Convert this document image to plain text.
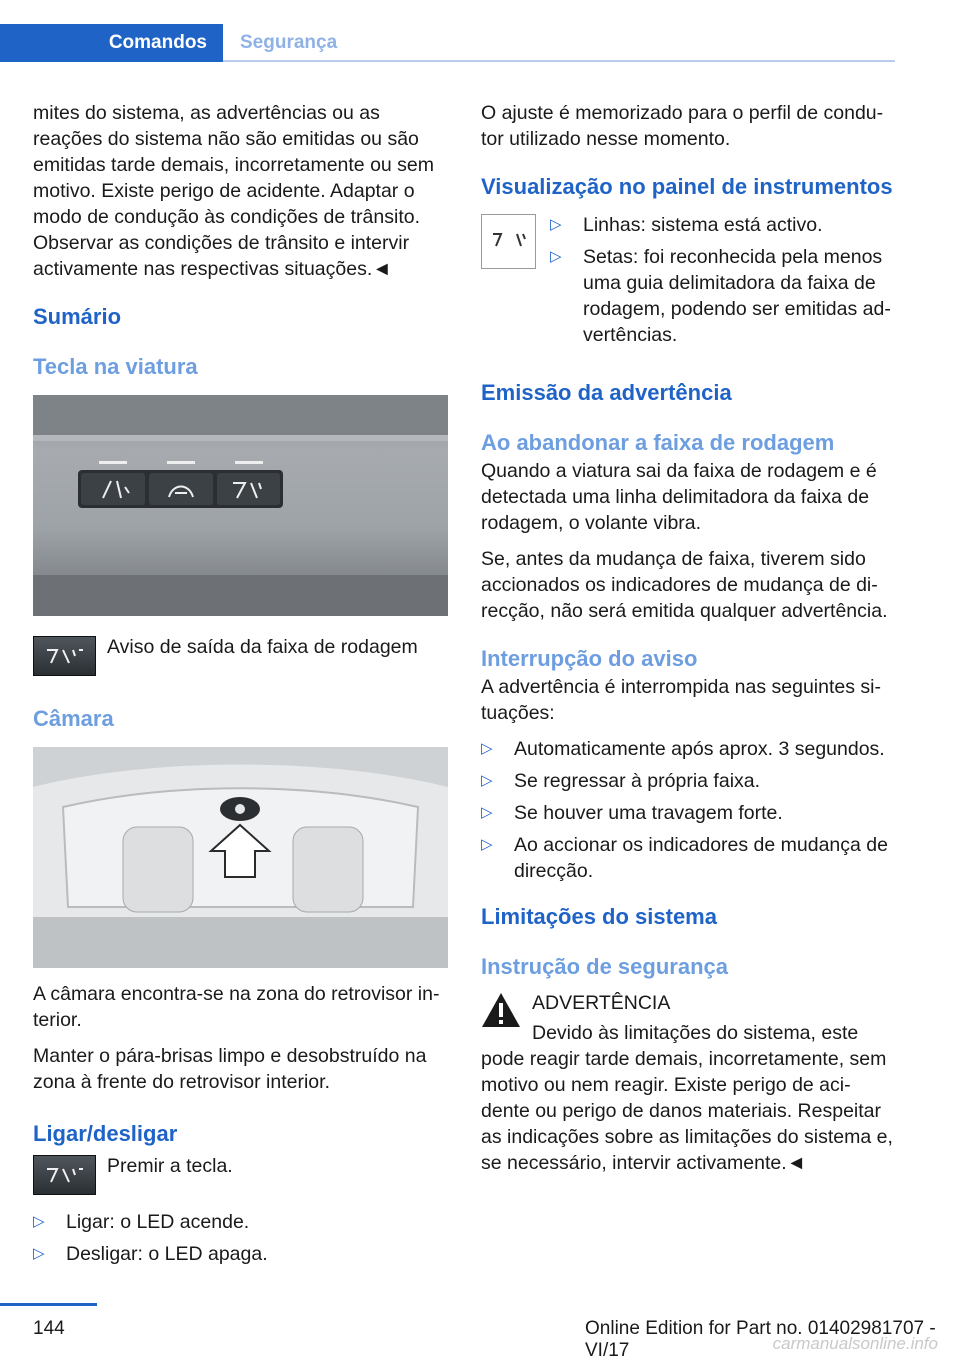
Comandos	Segurança

mites do sistema, as advertências ou as reações do sistema não são emitidas ou são emitidas tarde demais, incorretamente ou sem motivo. Existe perigo de acidente. Adaptar o modo de condução às condições de trânsito. Observar as condições de trânsito e intervir activamente nas respectivas situações.◄

Sumário
Tecla na viatura
Aviso de saída da faixa de rodagem
Câmara

A câmara encontra-se na zona do retrovisor in- terior.

Manter o pára-brisas limpo e desobstruído na zona à frente do retrovisor interior.

Ligar/desligar
Premir a tecla.
▷ Ligar: o LED acende.
▷ Desligar: o LED apaga.

O ajuste é memorizado para o perfil de condu- tor utilizado nesse momento.

Visualização no painel de instrumentos
▷ Linhas: sistema está activo.
▷ Setas: foi reconhecida pela menos uma guia delimitadora da faixa de rodagem, podendo ser emitidas ad- vertências.
Emissão da advertência
Ao abandonar a faixa de rodagem

Quando a viatura sai da faixa de rodagem e é detectada uma linha delimitadora da faixa de rodagem, o volante vibra.

Se, antes da mudança de faixa, tiverem sido accionados os indicadores de mudança de di- recção, não será emitida qualquer advertência.

Interrupção do aviso

A advertência é interrompida nas seguintes si- tuações:

▷ Automaticamente após aprox. 3 segundos.
▷ Se regressar à própria faixa.
▷ Se houver uma travagem forte.
▷ Ao accionar os indicadores de mudança de direcção.
Limitações do sistema
Instrução de segurança
ADVERTÊNCIA
Devido às limitações do sistema, este pode reagir tarde demais, incorretamente, sem motivo ou nem reagir. Existe perigo de aci- dente ou perigo de danos materiais. Respeitar as indicações sobre as limitações do sistema e, se necessário, intervir activamente.◄
144	Online Edition for Part no. 01402981707 - VI/17	carmanualsonline.info
